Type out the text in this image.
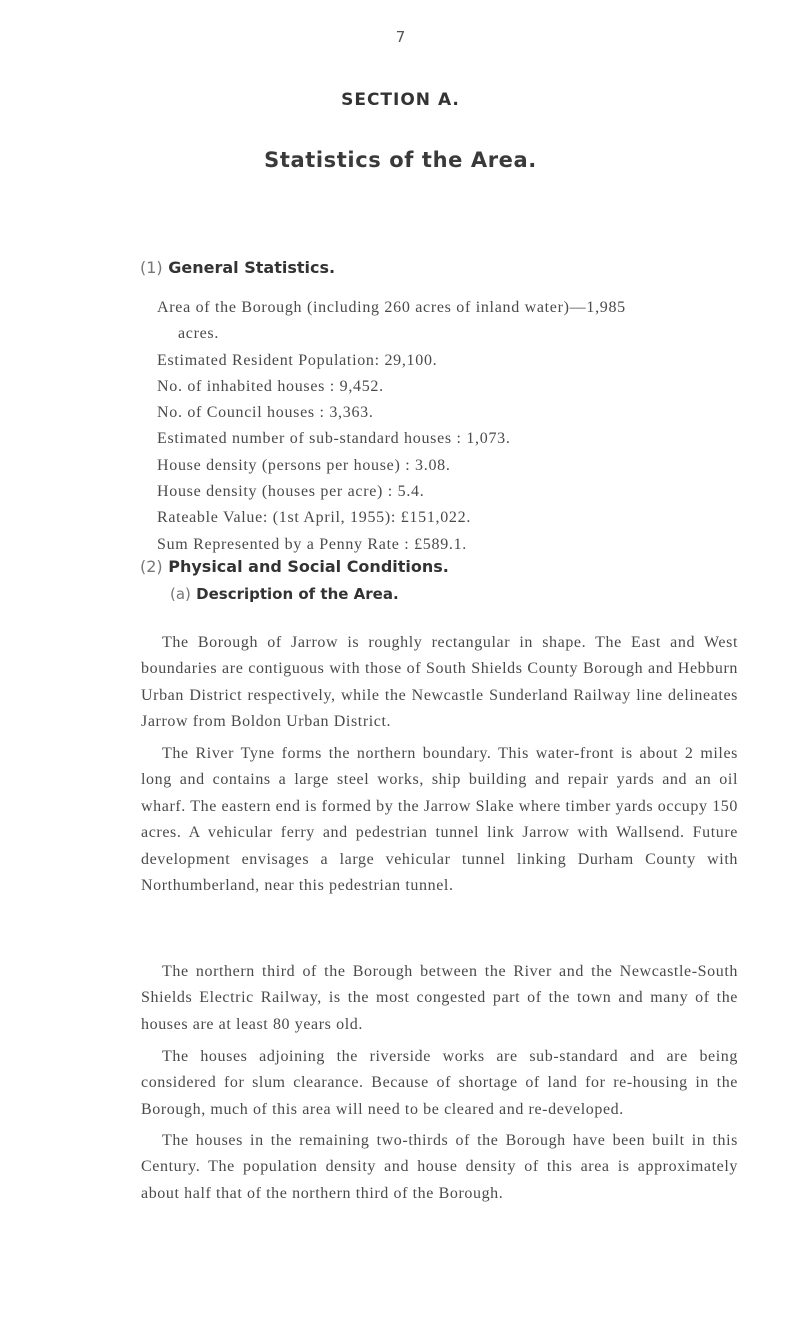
7
SECTION A.
Statistics of the Area.
(1) General Statistics.
Area of the Borough (including 260 acres of inland water)—1,985
acres.
Estimated Resident Population: 29,100.
No. of inhabited houses : 9,452.
No. of Council houses : 3,363.
Estimated number of sub-standard houses : 1,073.
House density (persons per house) : 3.08.
House density (houses per acre) : 5.4.
Rateable Value: (1st April, 1955): £151,022.
Sum Represented by a Penny Rate : £589.1.
(2) Physical and Social Conditions.
(a) Description of the Area.

The Borough of Jarrow is roughly rectangular in shape. The East and West boundaries are contiguous with those of South Shields County Borough and Hebburn Urban District respectively, while the Newcastle Sunderland Railway line delineates Jarrow from Boldon Urban District.

The River Tyne forms the northern boundary. This water-front is about 2 miles long and contains a large steel works, ship building and repair yards and an oil wharf. The eastern end is formed by the Jarrow Slake where timber yards occupy 150 acres. A vehicular ferry and pedestrian tunnel link Jarrow with Wallsend. Future development envisages a large vehicular tunnel linking Durham County with Northumberland, near this pedestrian tunnel.

The northern third of the Borough between the River and the Newcastle-South Shields Electric Railway, is the most congested part of the town and many of the houses are at least 80 years old.

The houses adjoining the riverside works are sub-standard and are being considered for slum clearance. Because of shortage of land for re-housing in the Borough, much of this area will need to be cleared and re-developed.

The houses in the remaining two-thirds of the Borough have been built in this Century. The population density and house density of this area is approximately about half that of the northern third of the Borough.
